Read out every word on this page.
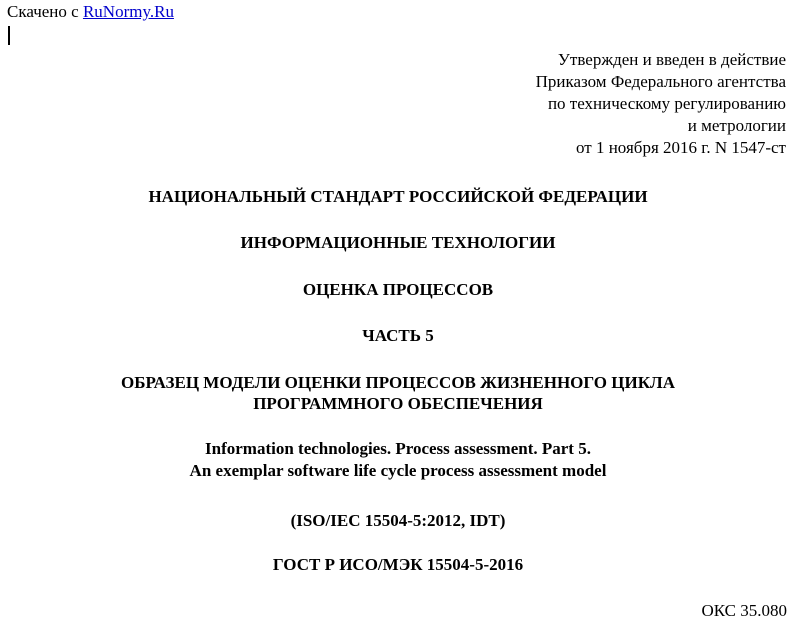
Скачено с RuNormy.Ru
Утвержден и введен в действие
Приказом Федерального агентства
по техническому регулированию
и метрологии
от 1 ноября 2016 г. N 1547-ст
НАЦИОНАЛЬНЫЙ СТАНДАРТ РОССИЙСКОЙ ФЕДЕРАЦИИ
ИНФОРМАЦИОННЫЕ ТЕХНОЛОГИИ
ОЦЕНКА ПРОЦЕССОВ
ЧАСТЬ 5
ОБРАЗЕЦ МОДЕЛИ ОЦЕНКИ ПРОЦЕССОВ ЖИЗНЕННОГО ЦИКЛА
ПРОГРАММНОГО ОБЕСПЕЧЕНИЯ
Information technologies. Process assessment. Part 5.
An exemplar software life cycle process assessment model
(ISO/IEC 15504-5:2012, IDT)
ГОСТ Р ИСО/МЭК 15504-5-2016
ОКС 35.080
